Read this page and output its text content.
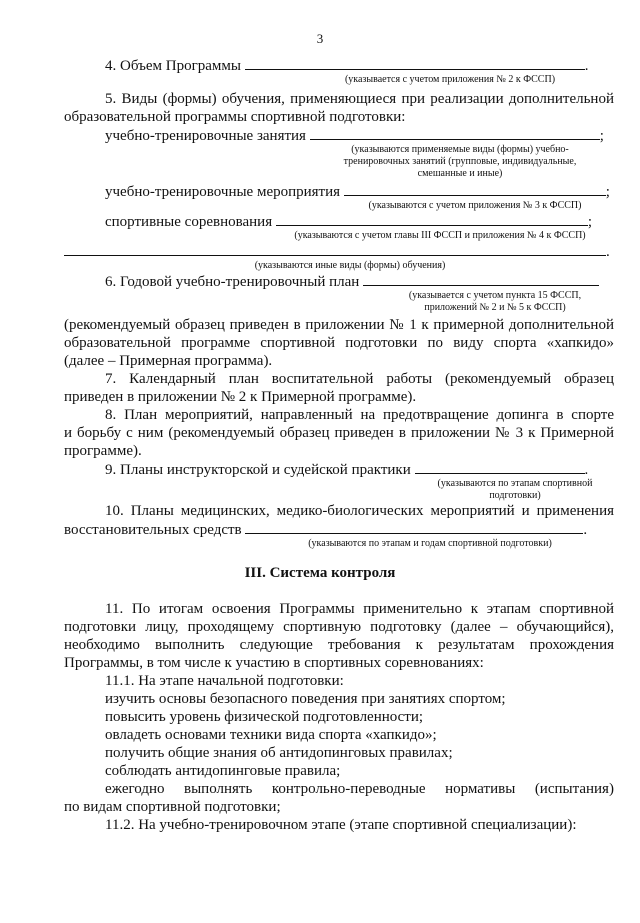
3
4. Объем Программы	.
(указывается с учетом приложения № 2 к ФССП)
5. Виды (формы) обучения, применяющиеся при реализации дополнительной
образовательной программы спортивной подготовки:
учебно-тренировочные занятия	;
(указываются применяемые виды (формы) учебно-
тренировочных занятий (групповые, индивидуальные,
смешанные и иные)
учебно-тренировочные мероприятия	;
(указываются с учетом приложения № 3 к ФССП)
спортивные соревнования	;
(указываются с учетом главы III ФССП и приложения № 4 к ФССП)
.
(указываются иные виды (формы) обучения)
6. Годовой учебно-тренировочный план
(указывается с учетом пункта 15 ФССП,
приложений № 2 и № 5 к ФССП)
(рекомендуемый образец приведен в приложении № 1 к примерной дополнительной
образовательной программе спортивной подготовки по виду спорта «хапкидо»
(далее – Примерная программа).
7. Календарный план воспитательной работы (рекомендуемый образец
приведен в приложении № 2 к Примерной программе).
8. План мероприятий, направленный на предотвращение допинга в спорте
и борьбу с ним (рекомендуемый образец приведен в приложении № 3 к Примерной
программе).
9. Планы инструкторской и судейской практики	.
(указываются по этапам спортивной
подготовки)
10. Планы медицинских, медико-биологических мероприятий и применения
восстановительных средств	.
(указываются по этапам и годам спортивной подготовки)
III. Система контроля
11. По итогам освоения Программы применительно к этапам спортивной
подготовки лицу, проходящему спортивную подготовку (далее – обучающийся),
необходимо выполнить следующие требования к результатам прохождения
Программы, в том числе к участию в спортивных соревнованиях:
11.1. На этапе начальной подготовки:
изучить основы безопасного поведения при занятиях спортом;
повысить уровень физической подготовленности;
овладеть основами техники вида спорта «хапкидо»;
получить общие знания об антидопинговых правилах;
соблюдать антидопинговые правила;
ежегодно выполнять контрольно-переводные нормативы (испытания)
по видам спортивной подготовки;
11.2. На учебно-тренировочном этапе (этапе спортивной специализации):
